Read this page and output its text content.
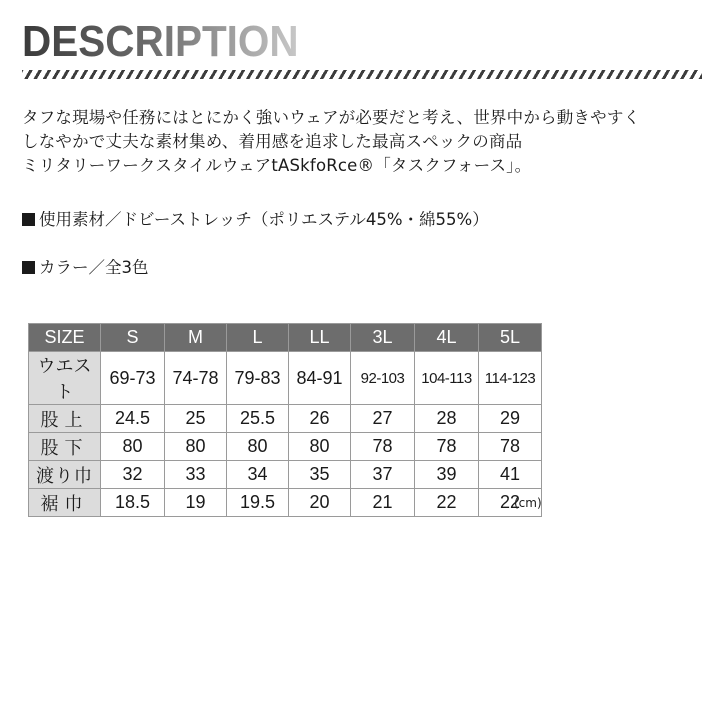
DESCRIPTION
タフな現場や任務にはとにかく強いウェアが必要だと考え、世界中から動きやすく
しなやかで丈夫な素材集め、着用感を追求した最高スペックの商品
ミリタリーワークスタイルウェアtASkfoRce®「タスクフォース」。
使用素材／ドビーストレッチ（ポリエステル45%・綿55%）
カラー／全3色
SIZE	S	M	L	LL	3L	4L	5L
ウエスト	69-73	74-78	79-83	84-91	92-103	104-113	114-123
股上	24.5	25	25.5	26	27	28	29
股下	80	80	80	80	78	78	78
渡り巾	32	33	34	35	37	39	41
裾巾	18.5	19	19.5	20	21	22	22
(cm)
